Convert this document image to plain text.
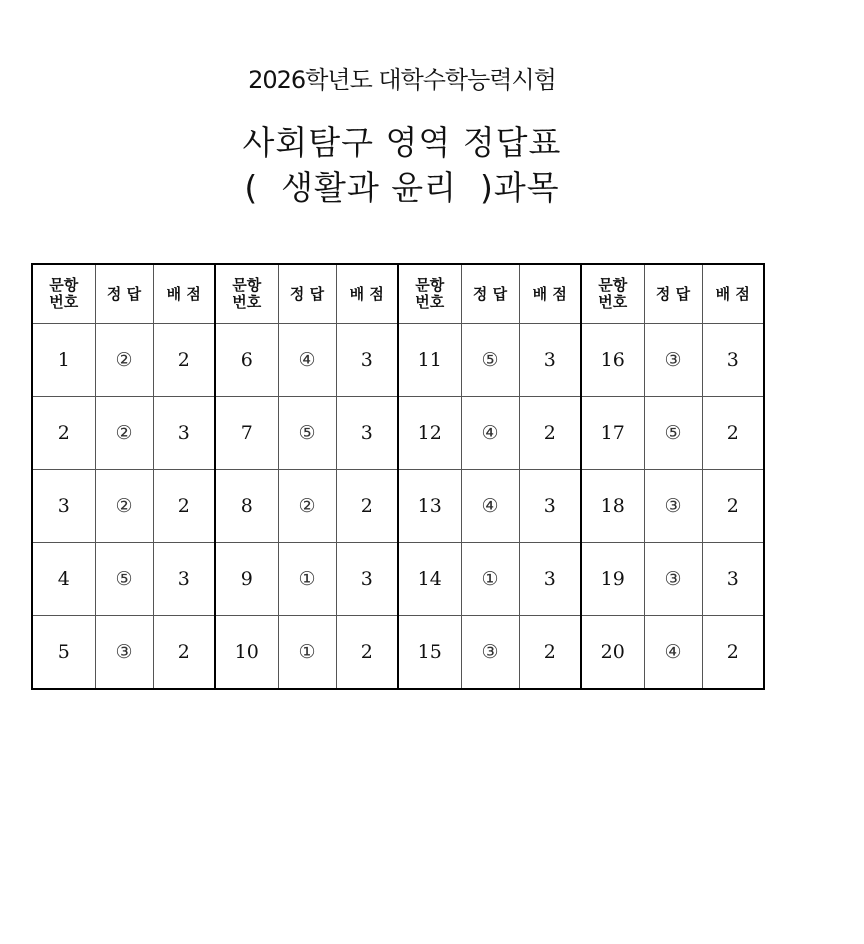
2026학년도 대학수학능력시험
사회탐구 영역 정답표
(  생활과 윤리  )과목
문항
번호	정 답	배 점	문항
번호	정 답	배 점	문항
번호	정 답	배 점	문항
번호	정 답	배 점
1	②	2	6	④	3	11	⑤	3	16	③	3
2	②	3	7	⑤	3	12	④	2	17	⑤	2
3	②	2	8	②	2	13	④	3	18	③	2
4	⑤	3	9	①	3	14	①	3	19	③	3
5	③	2	10	①	2	15	③	2	20	④	2
